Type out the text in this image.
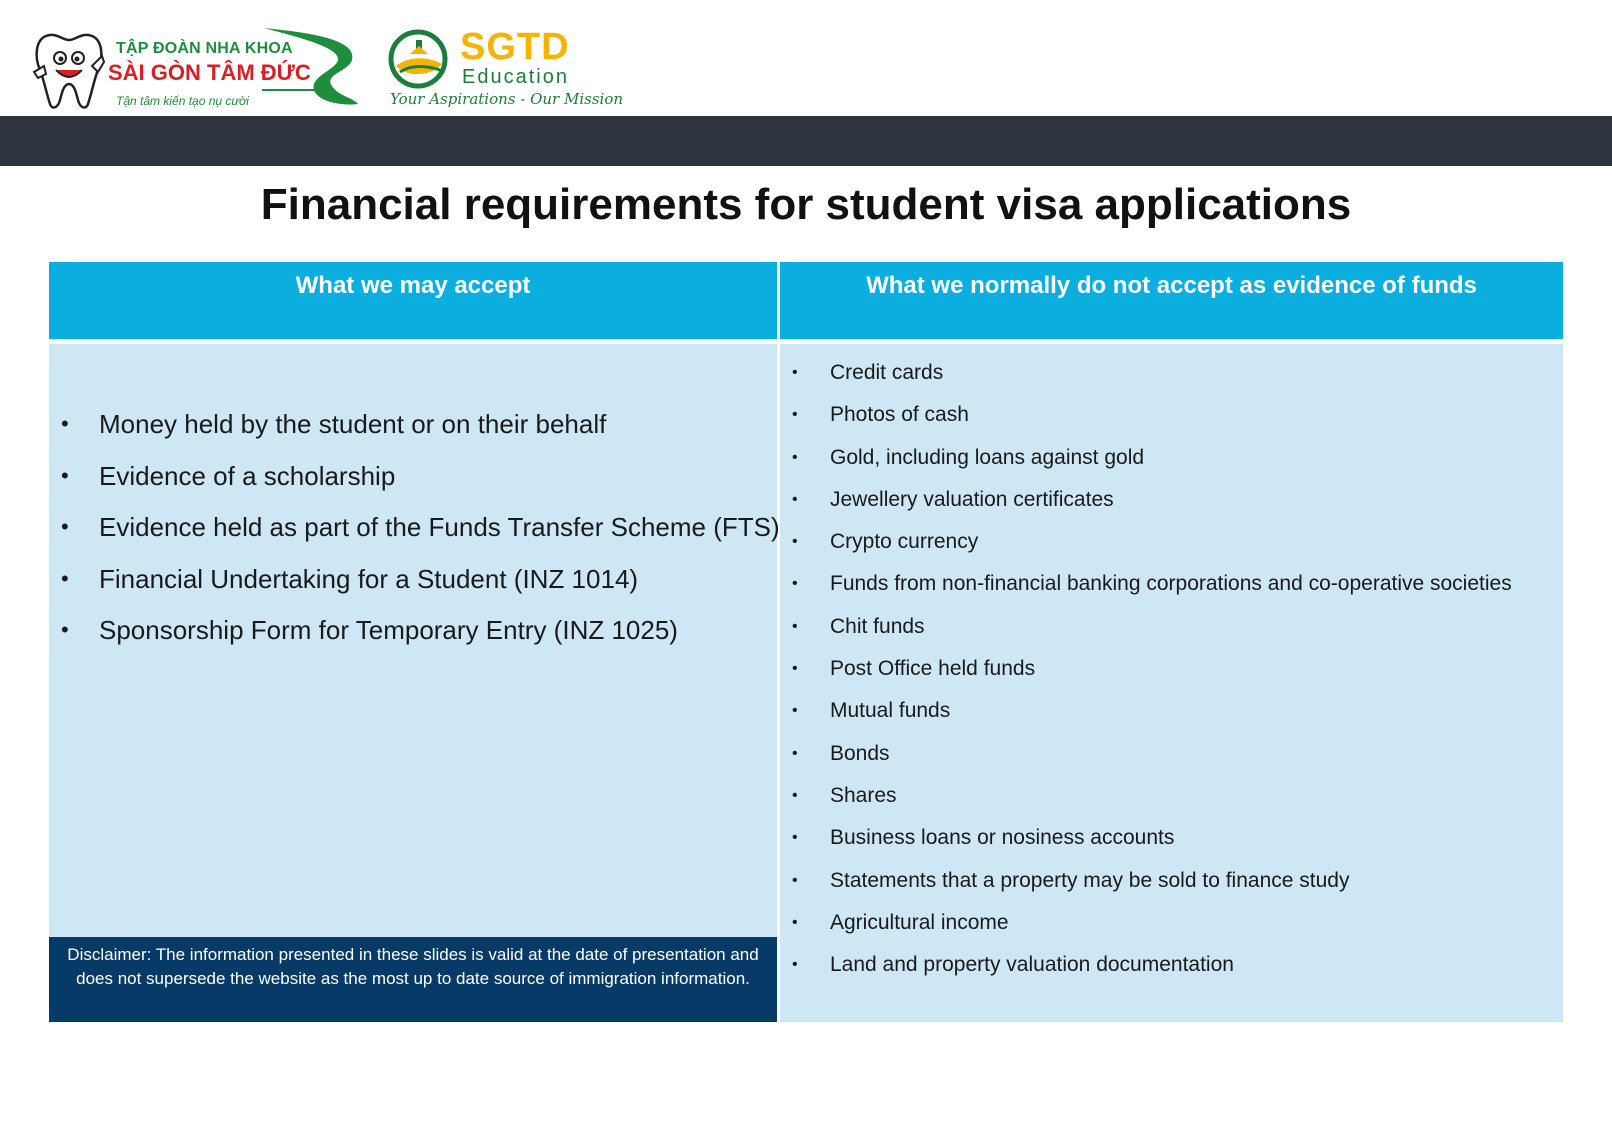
TẬP ĐOÀN NHA KHOA
SÀI GÒN TÂM ĐỨC
Tận tâm kiến tạo nụ cười
SGTD
Education
Your Aspirations - Our Mission
Financial requirements for student visa applications
What we may accept	What we normally do not accept as evidence of funds
• Money held by the student or on their behalf
• Evidence of a scholarship
• Evidence held as part of the Funds Transfer Scheme (FTS)
• Financial Undertaking for a Student (INZ 1014)
• Sponsorship Form for Temporary Entry (INZ 1025)
• Credit cards
• Photos of cash
• Gold, including loans against gold
• Jewellery valuation certificates
• Crypto currency
• Funds from non-financial banking corporations and co-operative societies
• Chit funds
• Post Office held funds
• Mutual funds
• Bonds
• Shares
• Business loans or nosiness accounts
• Statements that a property may be sold to finance study
• Agricultural income
• Land and property valuation documentation
Disclaimer: The information presented in these slides is valid at the date of presentation and does not supersede the website as the most up to date source of immigration information.
